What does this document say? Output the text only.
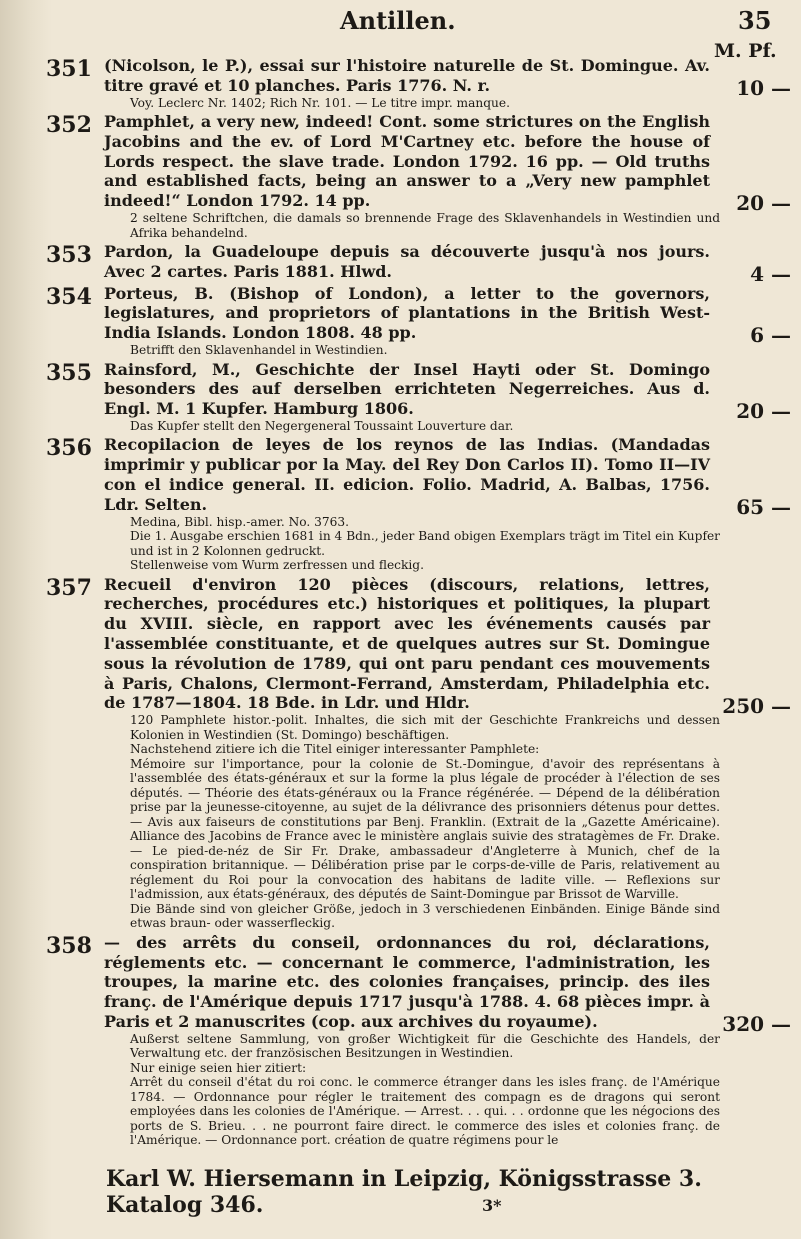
Antillen.	35
M. Pf.
351 (Nicolson, le P.), essai sur l'histoire naturelle de St. Domingue. Av. titre gravé et 10 planches. Paris 1776. N. r.
Voy. Leclerc Nr. 1402; Rich Nr. 101. — Le titre impr. manque.
10 —
352 Pamphlet, a very new, indeed! Cont. some strictures on the English Jacobins and the ev. of Lord M'Cartney etc. before the house of Lords respect. the slave trade. London 1792. 16 pp. — Old truths and established facts, being an answer to a „Very new pamphlet indeed!“ London 1792. 14 pp.
2 seltene Schriftchen, die damals so brennende Frage des Sklavenhandels in Westindien und Afrika behandelnd.
20 —
353 Pardon, la Guadeloupe depuis sa découverte jusqu'à nos jours. Avec 2 cartes. Paris 1881. Hlwd.	4 —
354 Porteus, B. (Bishop of London), a letter to the governors, legislatures, and proprietors of plantations in the British West-India Islands. London 1808. 48 pp.
Betrifft den Sklavenhandel in Westindien.
6 —
355 Rainsford, M., Geschichte der Insel Hayti oder St. Domingo besonders des auf derselben errichteten Negerreiches. Aus d. Engl. M. 1 Kupfer. Hamburg 1806.
Das Kupfer stellt den Negergeneral Toussaint Louverture dar.
20 —
356 Recopilacion de leyes de los reynos de las Indias. (Mandadas imprimir y publicar por la May. del Rey Don Carlos II). Tomo II—IV con el indice general. II. edicion. Folio. Madrid, A. Balbas, 1756. Ldr. Selten.
Medina, Bibl. hisp.-amer. No. 3763.
Die 1. Ausgabe erschien 1681 in 4 Bdn., jeder Band obigen Exemplars trägt im Titel ein Kupfer und ist in 2 Kolonnen gedruckt.
Stellenweise vom Wurm zerfressen und fleckig.
65 —
357 Recueil d'environ 120 pièces (discours, relations, lettres, recherches, procédures etc.) historiques et politiques, la plupart du XVIII. siècle, en rapport avec les événements causés par l'assemblée constituante, et de quelques autres sur St. Domingue sous la révolution de 1789, qui ont paru pendant ces mouvements à Paris, Chalons, Clermont-Ferrand, Amsterdam, Philadelphia etc. de 1787—1804. 18 Bde. in Ldr. und Hldr.
120 Pamphlete histor.-polit. Inhaltes, die sich mit der Geschichte Frankreichs und dessen Kolonien in Westindien (St. Domingo) beschäftigen.
Nachstehend zitiere ich die Titel einiger interessanter Pamphlete:
Mémoire sur l'importance, pour la colonie de St.-Domingue, d'avoir des représentans à l'assemblée des états-généraux et sur la forme la plus légale de procéder à l'élection de ses députés. — Théorie des états-généraux ou la France régénérée. — Dépend de la délibération prise par la jeunesse-citoyenne, au sujet de la délivrance des prisonniers détenus pour dettes. — Avis aux faiseurs de constitutions par Benj. Franklin. (Extrait de la „Gazette Américaine). Alliance des Jacobins de France avec le ministère anglais suivie des stratagèmes de Fr. Drake. — Le pied-de-néz de Sir Fr. Drake, ambassadeur d'Angleterre à Munich, chef de la conspiration britannique. — Délibération prise par le corps-de-ville de Paris, relativement au réglement du Roi pour la convocation des habitans de ladite ville. — Reflexions sur l'admission, aux états-généraux, des députés de Saint-Domingue par Brissot de Warville.
Die Bände sind von gleicher Größe, jedoch in 3 verschiedenen Einbänden. Einige Bände sind etwas braun- oder wasserfleckig.
250 —
358 — des arrêts du conseil, ordonnances du roi, déclarations, réglements etc. — concernant le commerce, l'administration, les troupes, la marine etc. des colonies françaises, princip. des iles franç. de l'Amérique depuis 1717 jusqu'à 1788. 4. 68 pièces impr. à Paris et 2 manuscrites (cop. aux archives du royaume).
Außerst seltene Sammlung, von großer Wichtigkeit für die Geschichte des Handels, der Verwaltung etc. der französischen Besitzungen in Westindien.
Nur einige seien hier zitiert:
Arrêt du conseil d'état du roi conc. le commerce étranger dans les isles franç. de l'Amérique 1784. — Ordonnance pour régler le traitement des compagn es de dragons qui seront employées dans les colonies de l'Amérique. — Arrest. . . qui. . . ordonne que les négocions des ports de S. Brieu. . . ne pourront faire direct. le commerce des isles et colonies franç. de l'Amérique. — Ordonnance port. création de quatre régimens pour le
320 —
Karl W. Hiersemann in Leipzig, Königsstrasse 3. Katalog 346.	3*
